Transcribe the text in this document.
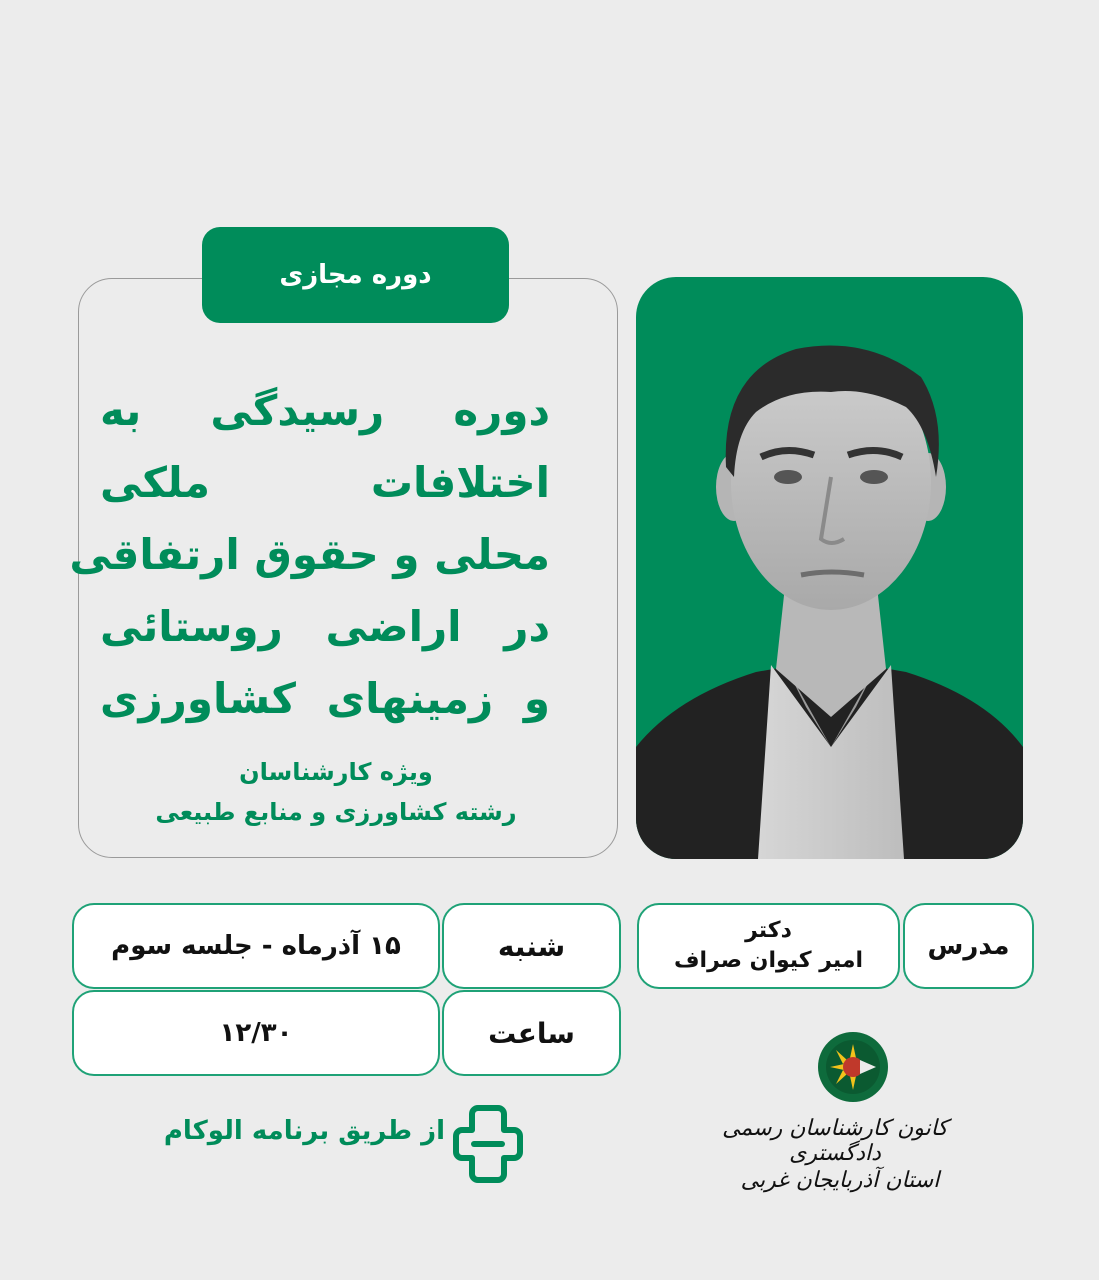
دوره مجازی
دوره رسیدگی به
اختلافات ملکی
محلی و حقوق ارتفاقی
در اراضی روستائی
و زمینهای کشاورزی
ویژه کارشناسان
رشته کشاورزی و منابع طبیعی
مدرس
دکتر
امیر کیوان صراف
شنبه
۱۵ آذرماه - جلسه سوم
ساعت
۱۲/۳۰
از طریق برنامه الوکام	کانون کارشناسان رسمی دادگستری
استان آذربایجان غربی
